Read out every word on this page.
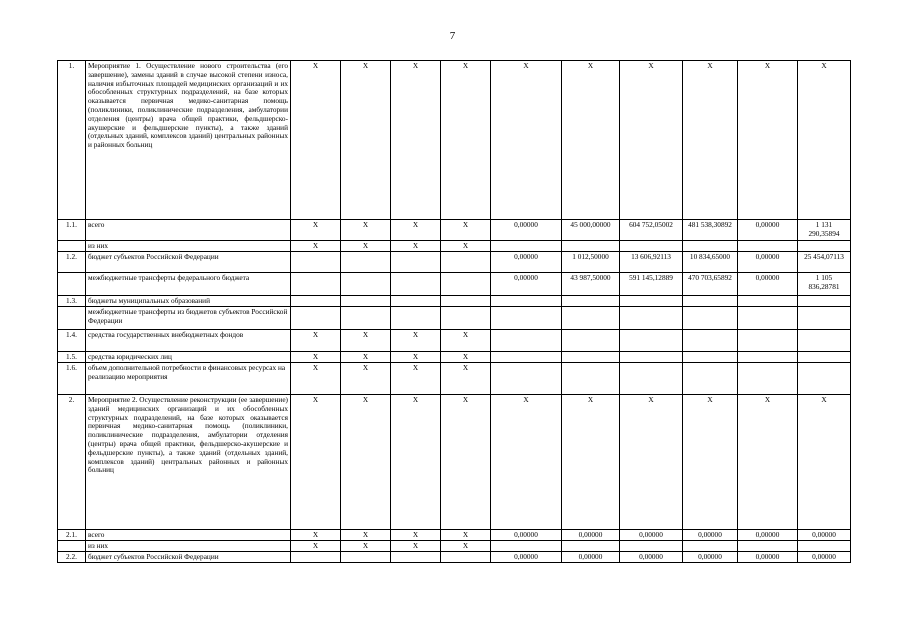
7
1.	Мероприятие 1. Осуществление нового строительства (его завершение), замены зданий в случае высокой степени износа, наличия избыточных площадей медицинских организаций и их обособленных структурных подразделений, на базе которых оказывается первичная медико-санитарная помощь (поликлиники, поликлинические подразделения, амбулатории отделения (центры) врача общей практики, фельдшерско-акушерские и фельдшерские пункты), а также зданий (отдельных зданий, комплексов зданий) центральных районных и районных больниц	X	X	X	X	X	X	X	X	X	X
1.1.	всего	X	X	X	X	0,00000	45 000,00000	604 752,05002	481 538,30892	0,00000	1 131 290,35894
	из них	X	X	X	X						
1.2.	бюджет субъектов Российской Федерации					0,00000	1 012,50000	13 606,92113	10 834,65000	0,00000	25 454,07113
	межбюджетные трансферты федерального бюджета					0,00000	43 987,50000	591 145,12889	470 703,65892	0,00000	1 105 836,28781
1.3.	бюджеты муниципальных образований										
	межбюджетные трансферты из бюджетов субъектов Российской Федерации										
1.4.	средства государственных внебюджетных фондов	X	X	X	X						
1.5.	средства юридических лиц	X	X	X	X						
1.6.	объем дополнительной потребности в финансовых ресурсах на реализацию мероприятия	X	X	X	X						
2.	Мероприятие 2. Осуществление реконструкции (ее завершение) зданий медицинских организаций и их обособленных структурных подразделений, на базе которых оказывается первичная медико-санитарная помощь (поликлиники, поликлинические подразделения, амбулатории отделения (центры) врача общей практики, фельдшерско-акушерские и фельдшерские пункты), а также зданий (отдельных зданий, комплексов зданий) центральных районных и районных больниц	X	X	X	X	X	X	X	X	X	X
2.1.	всего	X	X	X	X	0,00000	0,00000	0,00000	0,00000	0,00000	0,00000
	из них	X	X	X	X						
2.2.	бюджет субъектов Российской Федерации					0,00000	0,00000	0,00000	0,00000	0,00000	0,00000
